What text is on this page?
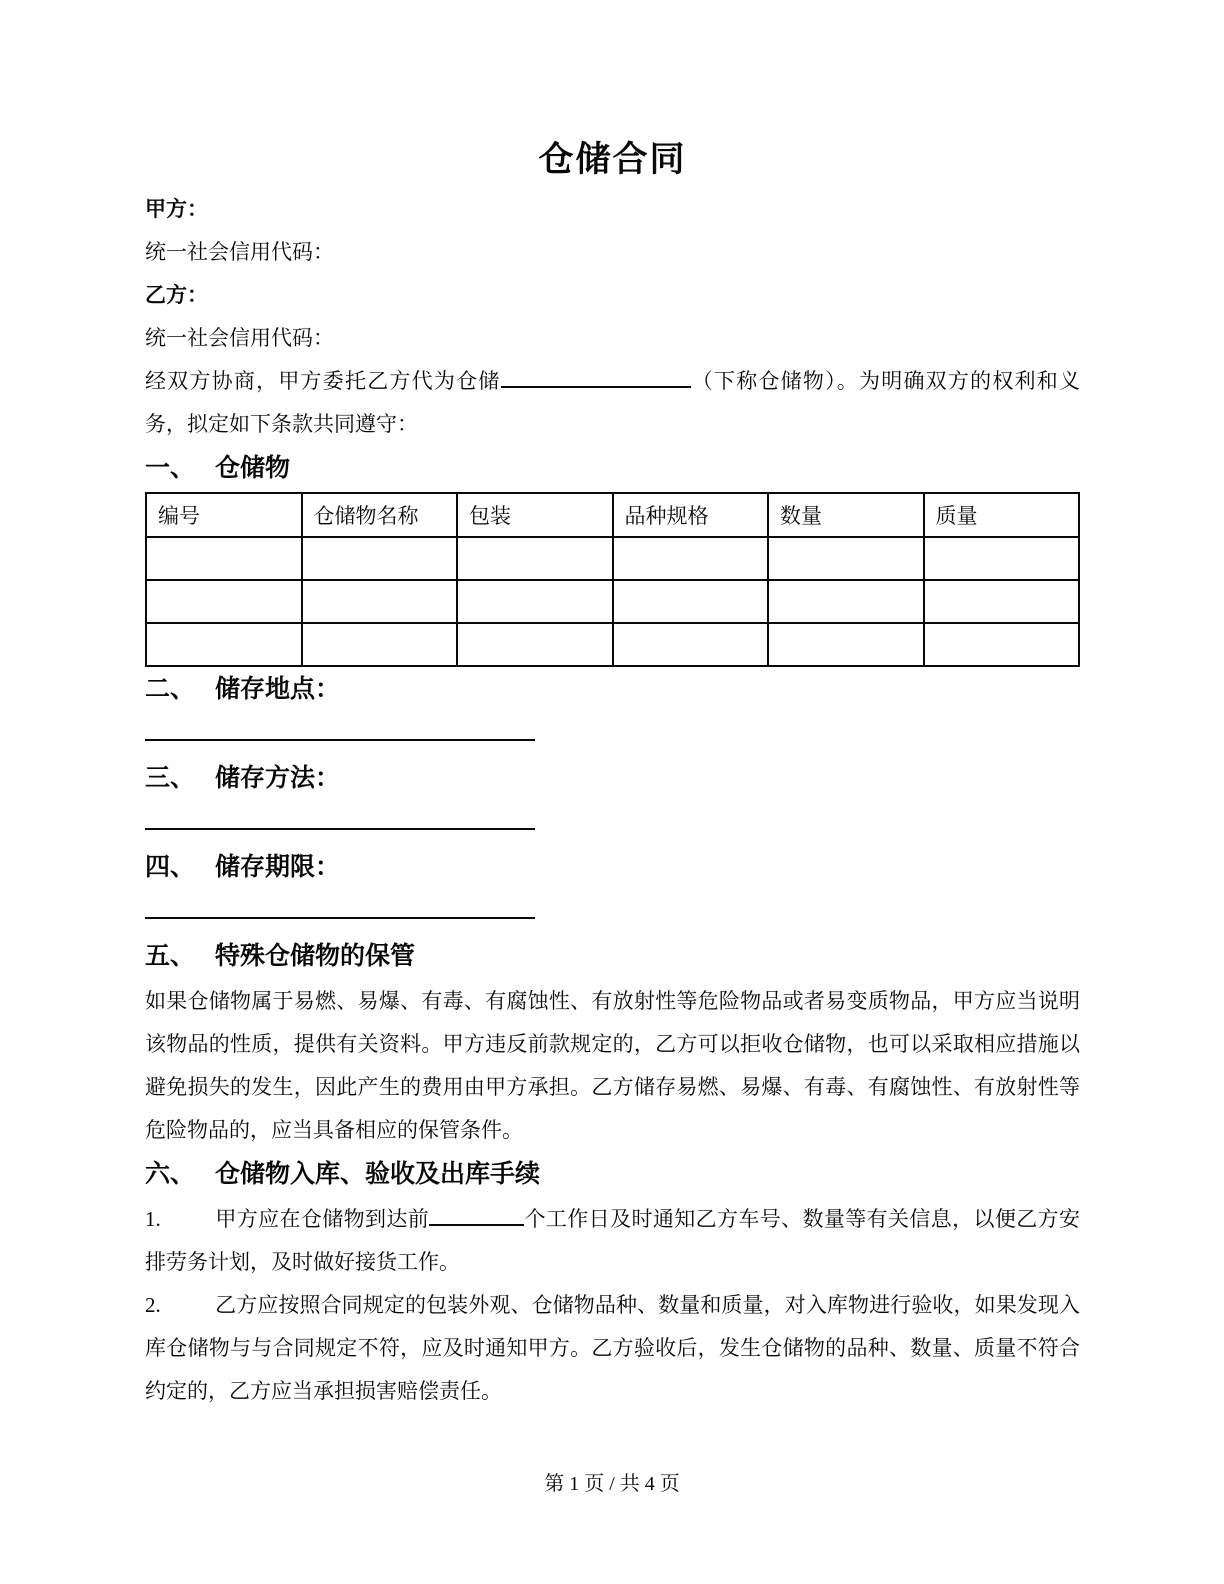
仓储合同

甲方：

统一社会信用代码：

乙方：

统一社会信用代码：

经双方协商，甲方委托乙方代为仓储	（下称仓储物）。为明确双方的权利和义务，拟定如下条款共同遵守：

一、 仓储物
编号	仓储物名称	包装	品种规格	数量	质量

二、 储存地点：

三、 储存方法：

四、 储存期限：

五、 特殊仓储物的保管

如果仓储物属于易燃、易爆、有毒、有腐蚀性、有放射性等危险物品或者易变质物品，甲方应当说明该物品的性质，提供有关资料。甲方违反前款规定的，乙方可以拒收仓储物，也可以采取相应措施以避免损失的发生，因此产生的费用由甲方承担。乙方储存易燃、易爆、有毒、有腐蚀性、有放射性等危险物品的，应当具备相应的保管条件。

六、 仓储物入库、验收及出库手续

1.	甲方应在仓储物到达前	个工作日及时通知乙方车号、数量等有关信息，以便乙方安排劳务计划，及时做好接货工作。

2.	乙方应按照合同规定的包装外观、仓储物品种、数量和质量，对入库物进行验收，如果发现入库仓储物与与合同规定不符，应及时通知甲方。乙方验收后，发生仓储物的品种、数量、质量不符合约定的，乙方应当承担损害赔偿责任。

第 1 页 / 共 4 页
